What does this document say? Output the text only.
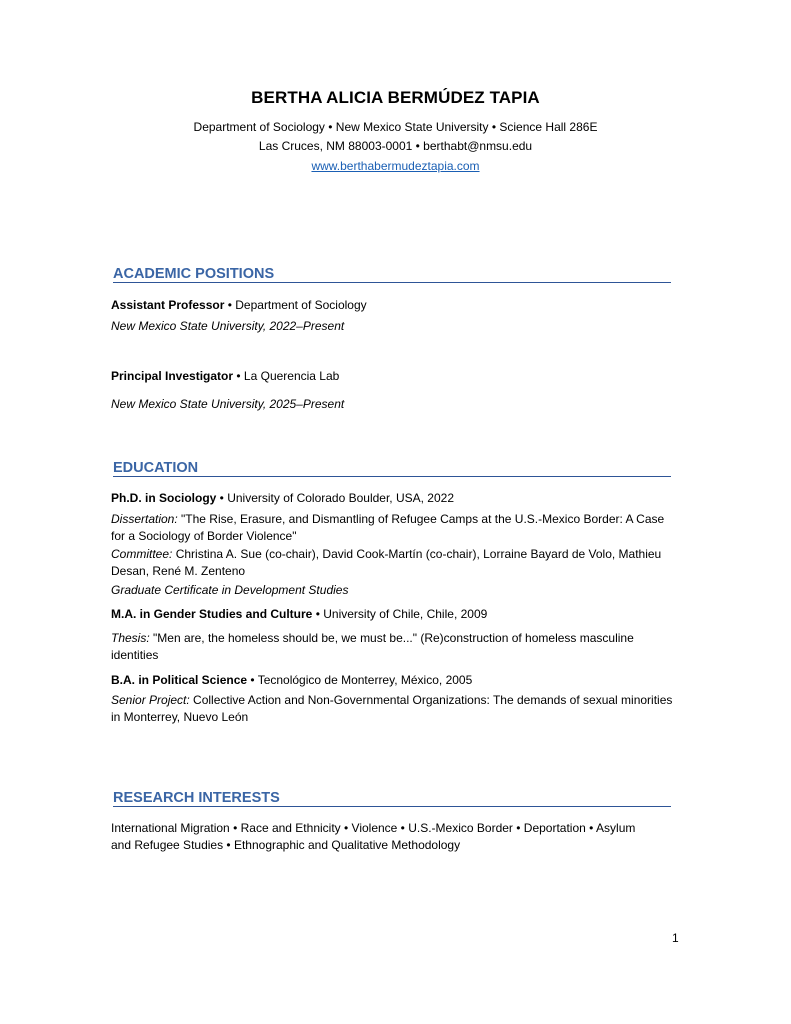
BERTHA ALICIA BERMÚDEZ TAPIA
Department of Sociology • New Mexico State University • Science Hall 286E
Las Cruces, NM 88003-0001 • berthabt@nmsu.edu
www.berthabermudeztapia.com
ACADEMIC POSITIONS
Assistant Professor • Department of Sociology
New Mexico State University, 2022–Present
Principal Investigator • La Querencia Lab
New Mexico State University, 2025–Present
EDUCATION
Ph.D. in Sociology • University of Colorado Boulder, USA, 2022
Dissertation: "The Rise, Erasure, and Dismantling of Refugee Camps at the U.S.-Mexico Border: A Case
for a Sociology of Border Violence"
Committee: Christina A. Sue (co-chair), David Cook-Martín (co-chair), Lorraine Bayard de Volo, Mathieu
Desan, René M. Zenteno
Graduate Certificate in Development Studies
M.A. in Gender Studies and Culture • University of Chile, Chile, 2009
Thesis: "Men are, the homeless should be, we must be..." (Re)construction of homeless masculine
identities
B.A. in Political Science • Tecnológico de Monterrey, México, 2005
Senior Project: Collective Action and Non-Governmental Organizations: The demands of sexual minorities
in Monterrey, Nuevo León
RESEARCH INTERESTS
International Migration • Race and Ethnicity • Violence • U.S.-Mexico Border • Deportation • Asylum
and Refugee Studies • Ethnographic and Qualitative Methodology
1
